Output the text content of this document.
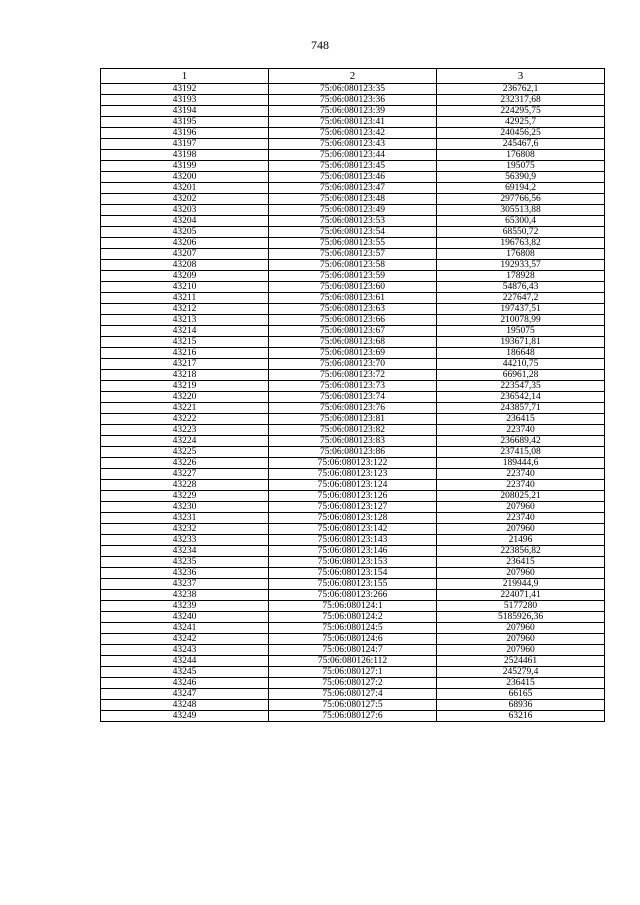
748
1	2	3
43192	75:06:080123:35	236762,1
43193	75:06:080123:36	232317,68
43194	75:06:080123:39	224295,75
43195	75:06:080123:41	42925,7
43196	75:06:080123:42	240456,25
43197	75:06:080123:43	245467,6
43198	75:06:080123:44	176808
43199	75:06:080123:45	195075
43200	75:06:080123:46	56390,9
43201	75:06:080123:47	69194,2
43202	75:06:080123:48	297766,56
43203	75:06:080123:49	305513,88
43204	75:06:080123:53	65300,4
43205	75:06:080123:54	68550,72
43206	75:06:080123:55	196763,82
43207	75:06:080123:57	176808
43208	75:06:080123:58	192933,57
43209	75:06:080123:59	178928
43210	75:06:080123:60	54876,43
43211	75:06:080123:61	227647,2
43212	75:06:080123:63	197437,51
43213	75:06:080123:66	210078,99
43214	75:06:080123:67	195075
43215	75:06:080123:68	193671,81
43216	75:06:080123:69	186648
43217	75:06:080123:70	44210,75
43218	75:06:080123:72	66961,28
43219	75:06:080123:73	223547,35
43220	75:06:080123:74	236542,14
43221	75:06:080123:76	243857,71
43222	75:06:080123:81	236415
43223	75:06:080123:82	223740
43224	75:06:080123:83	236689,42
43225	75:06:080123:86	237415,08
43226	75:06:080123:122	189444,6
43227	75:06:080123:123	223740
43228	75:06:080123:124	223740
43229	75:06:080123:126	208025,21
43230	75:06:080123:127	207960
43231	75:06:080123:128	223740
43232	75:06:080123:142	207960
43233	75:06:080123:143	21496
43234	75:06:080123:146	223856,82
43235	75:06:080123:153	236415
43236	75:06:080123:154	207960
43237	75:06:080123:155	219944,9
43238	75:06:080123:266	224071,41
43239	75:06:080124:1	5177280
43240	75:06:080124:2	5185926,36
43241	75:06:080124:5	207960
43242	75:06:080124:6	207960
43243	75:06:080124:7	207960
43244	75:06:080126:112	2524461
43245	75:06:080127:1	245279,4
43246	75:06:080127:2	236415
43247	75:06:080127:4	66165
43248	75:06:080127:5	68936
43249	75:06:080127:6	63216
